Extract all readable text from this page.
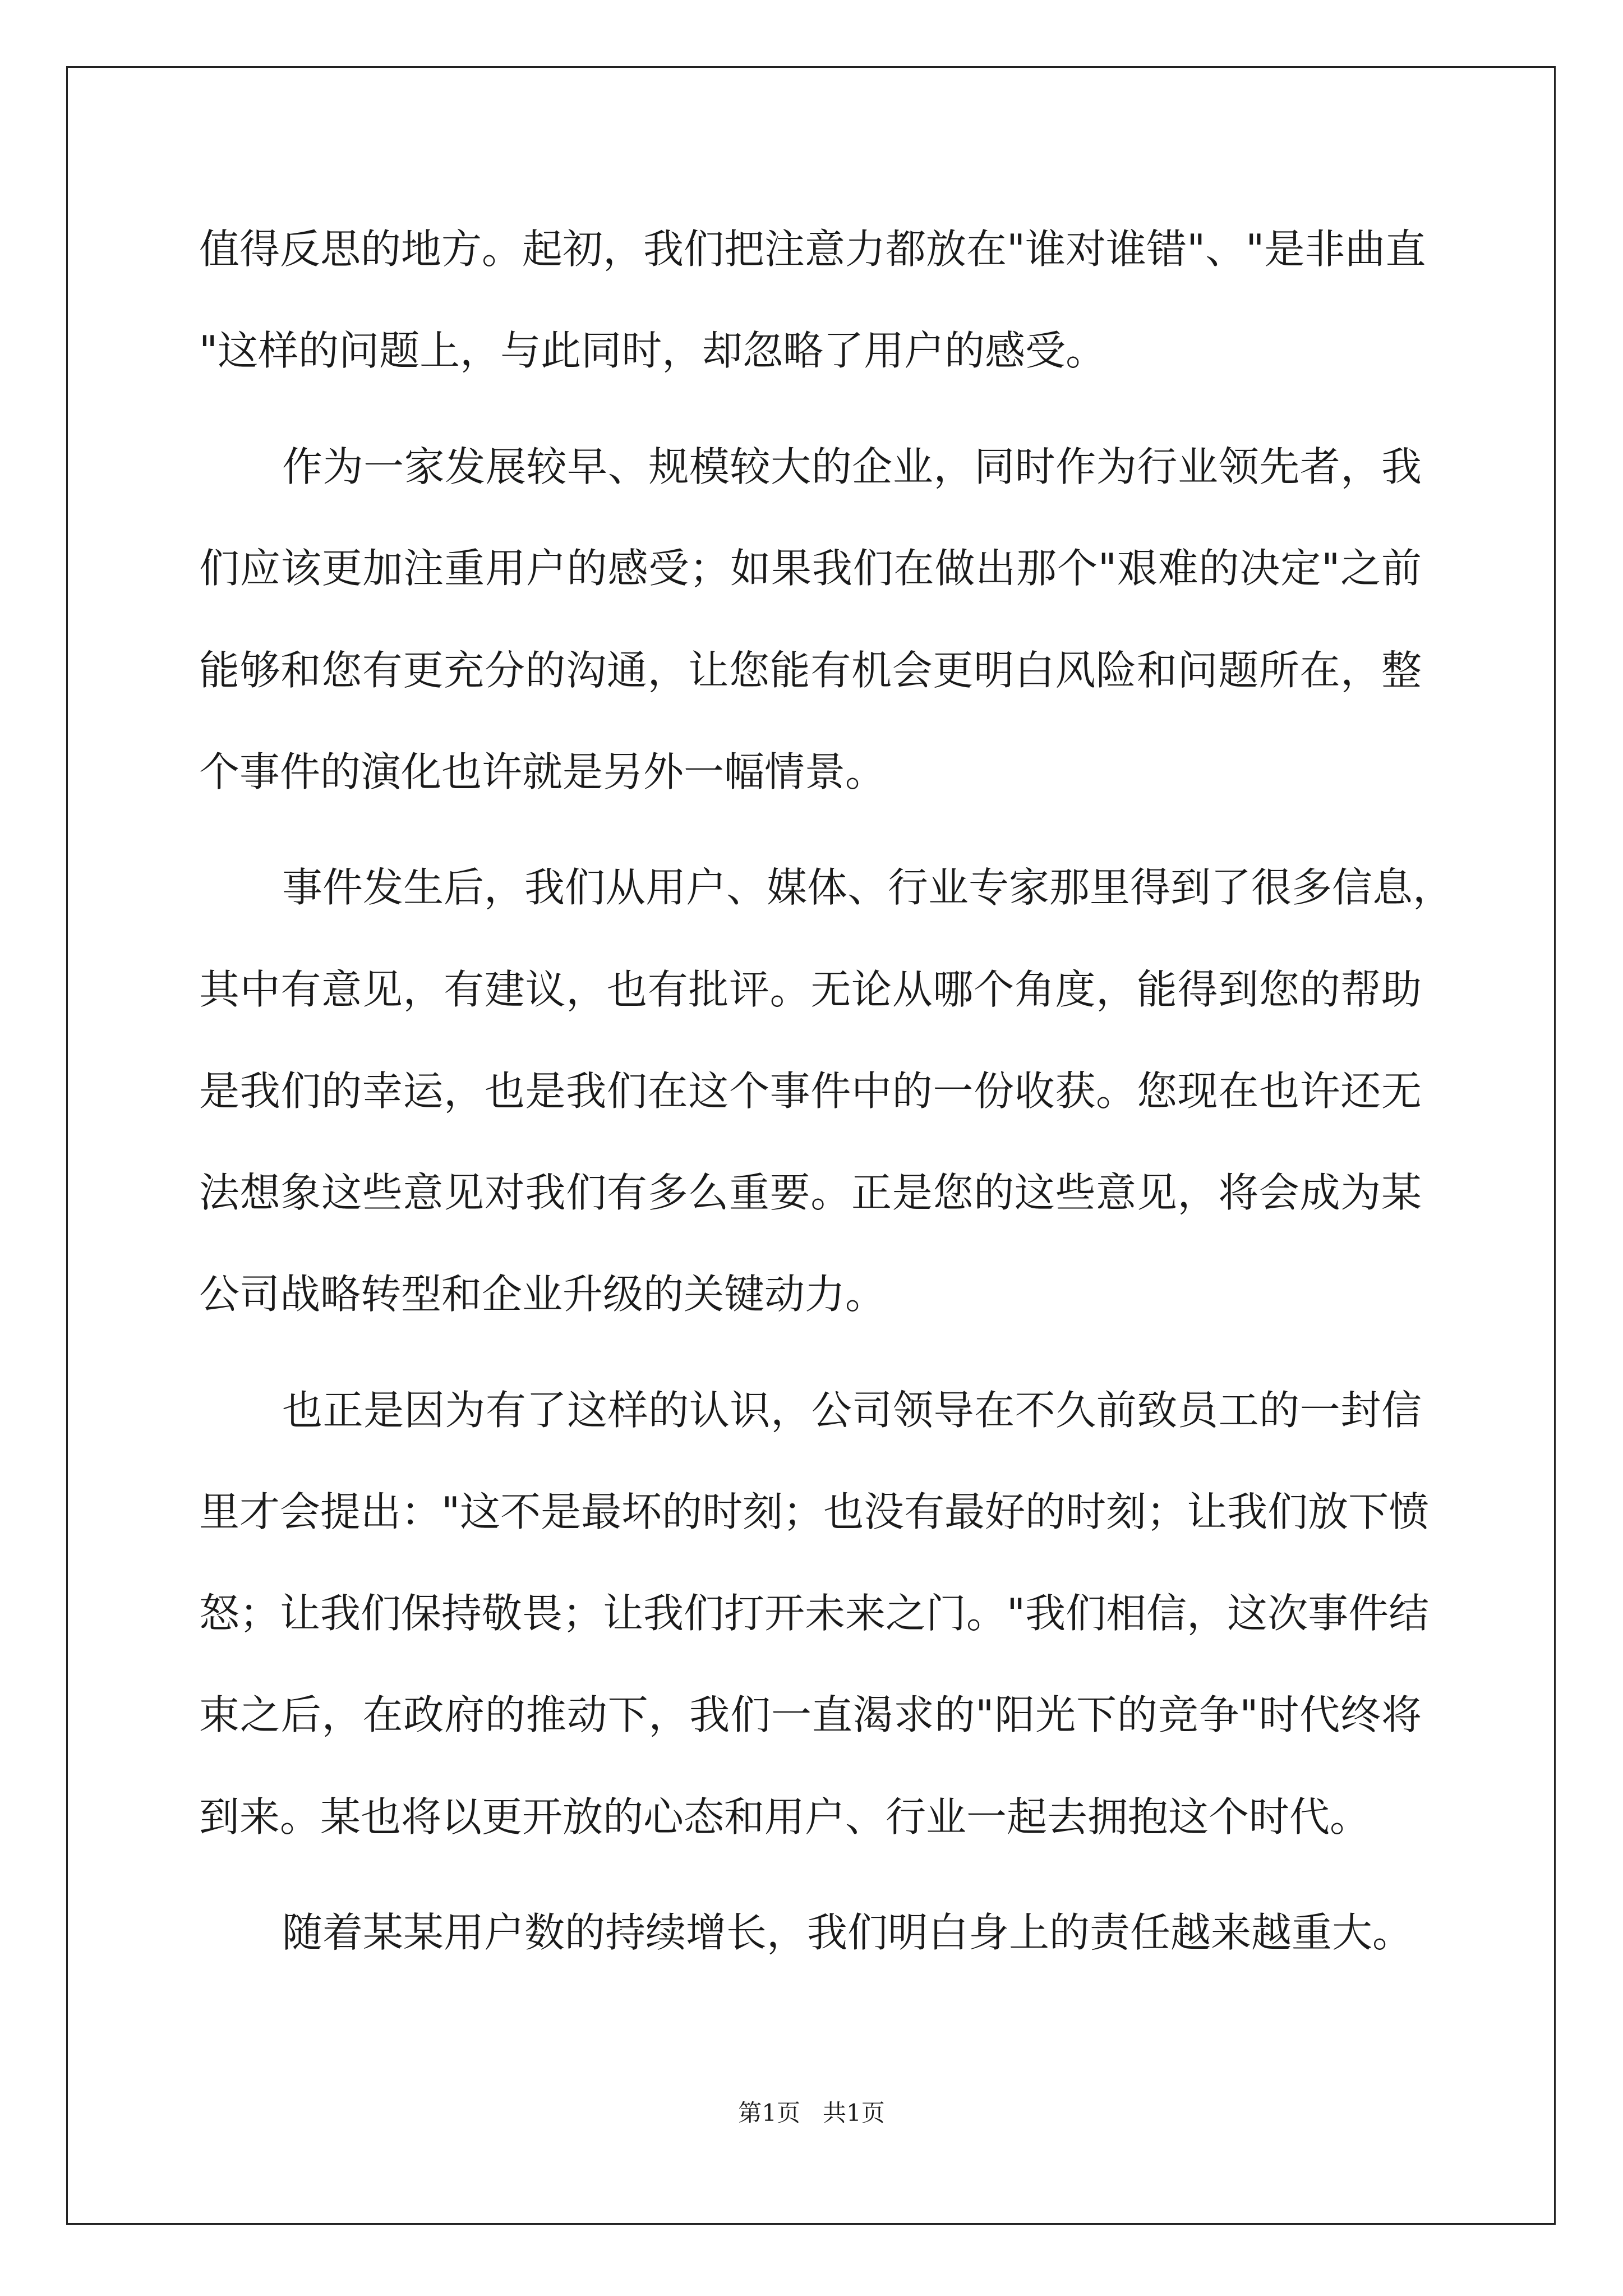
值得反思的地方。起初，我们把注意力都放在"谁对谁错"、"是非曲直
"这样的问题上，与此同时，却忽略了用户的感受。
作为一家发展较早、规模较大的企业，同时作为行业领先者，我
们应该更加注重用户的感受；如果我们在做出那个"艰难的决定"之前
能够和您有更充分的沟通，让您能有机会更明白风险和问题所在，整
个事件的演化也许就是另外一幅情景。
事件发生后，我们从用户、媒体、行业专家那里得到了很多信息，
其中有意见，有建议，也有批评。无论从哪个角度，能得到您的帮助
是我们的幸运，也是我们在这个事件中的一份收获。您现在也许还无
法想象这些意见对我们有多么重要。正是您的这些意见，将会成为某
公司战略转型和企业升级的关键动力。
也正是因为有了这样的认识，公司领导在不久前致员工的一封信
里才会提出："这不是最坏的时刻；也没有最好的时刻；让我们放下愤
怒；让我们保持敬畏；让我们打开未来之门。"我们相信，这次事件结
束之后，在政府的推动下，我们一直渴求的"阳光下的竞争"时代终将
到来。某也将以更开放的心态和用户、行业一起去拥抱这个时代。
随着某某用户数的持续增长，我们明白身上的责任越来越重大。
第1页   共1页
